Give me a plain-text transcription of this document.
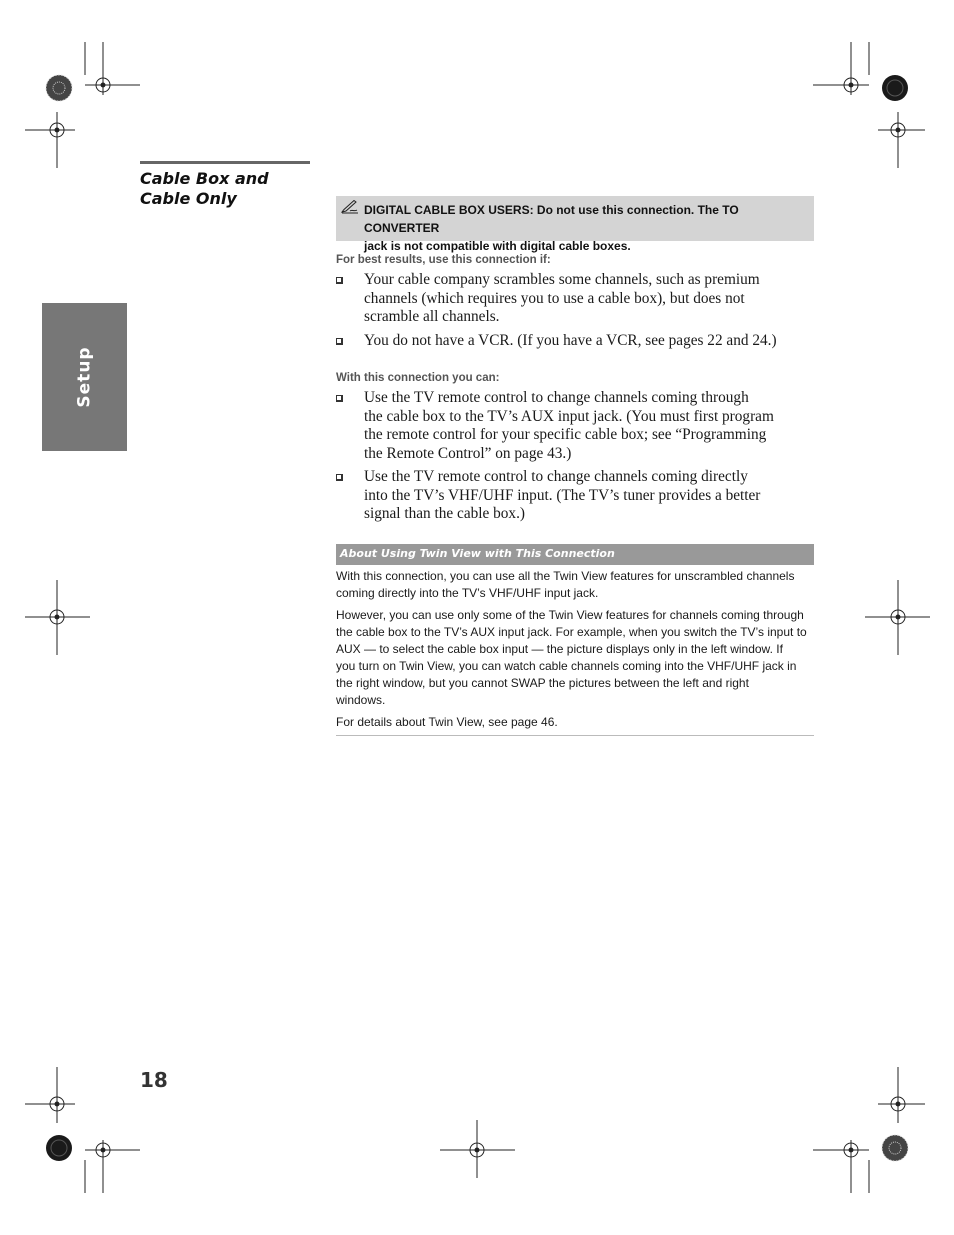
Setup
Cable Box and
Cable Only
DIGITAL CABLE BOX USERS: Do not use this connection. The TO CONVERTER
jack is not compatible with digital cable boxes.
For best results, use this connection if:
Your cable company scrambles some channels, such as premium
channels (which requires you to use a cable box), but does not
scramble all channels.
You do not have a VCR. (If you have a VCR, see pages 22 and 24.)
With this connection you can:
Use the TV remote control to change channels coming through
the cable box to the TV’s AUX input jack. (You must first program
the remote control for your specific cable box; see “Programming
the Remote Control” on page 43.)
Use the TV remote control to change channels coming directly
into the TV’s VHF/UHF input. (The TV’s tuner provides a better
signal than the cable box.)
About Using Twin View with This Connection
With this connection, you can use all the Twin View features for unscrambled channels
coming directly into the TV’s VHF/UHF input jack.
However, you can use only some of the Twin View features for channels coming through
the cable box to the TV’s AUX input jack. For example, when you switch the TV’s input to
AUX — to select the cable box input — the picture displays only in the left window. If
you turn on Twin View, you can watch cable channels coming into the VHF/UHF jack in
the right window, but you cannot SWAP the pictures between the left and right
windows.
For details about Twin View, see page 46.
18
